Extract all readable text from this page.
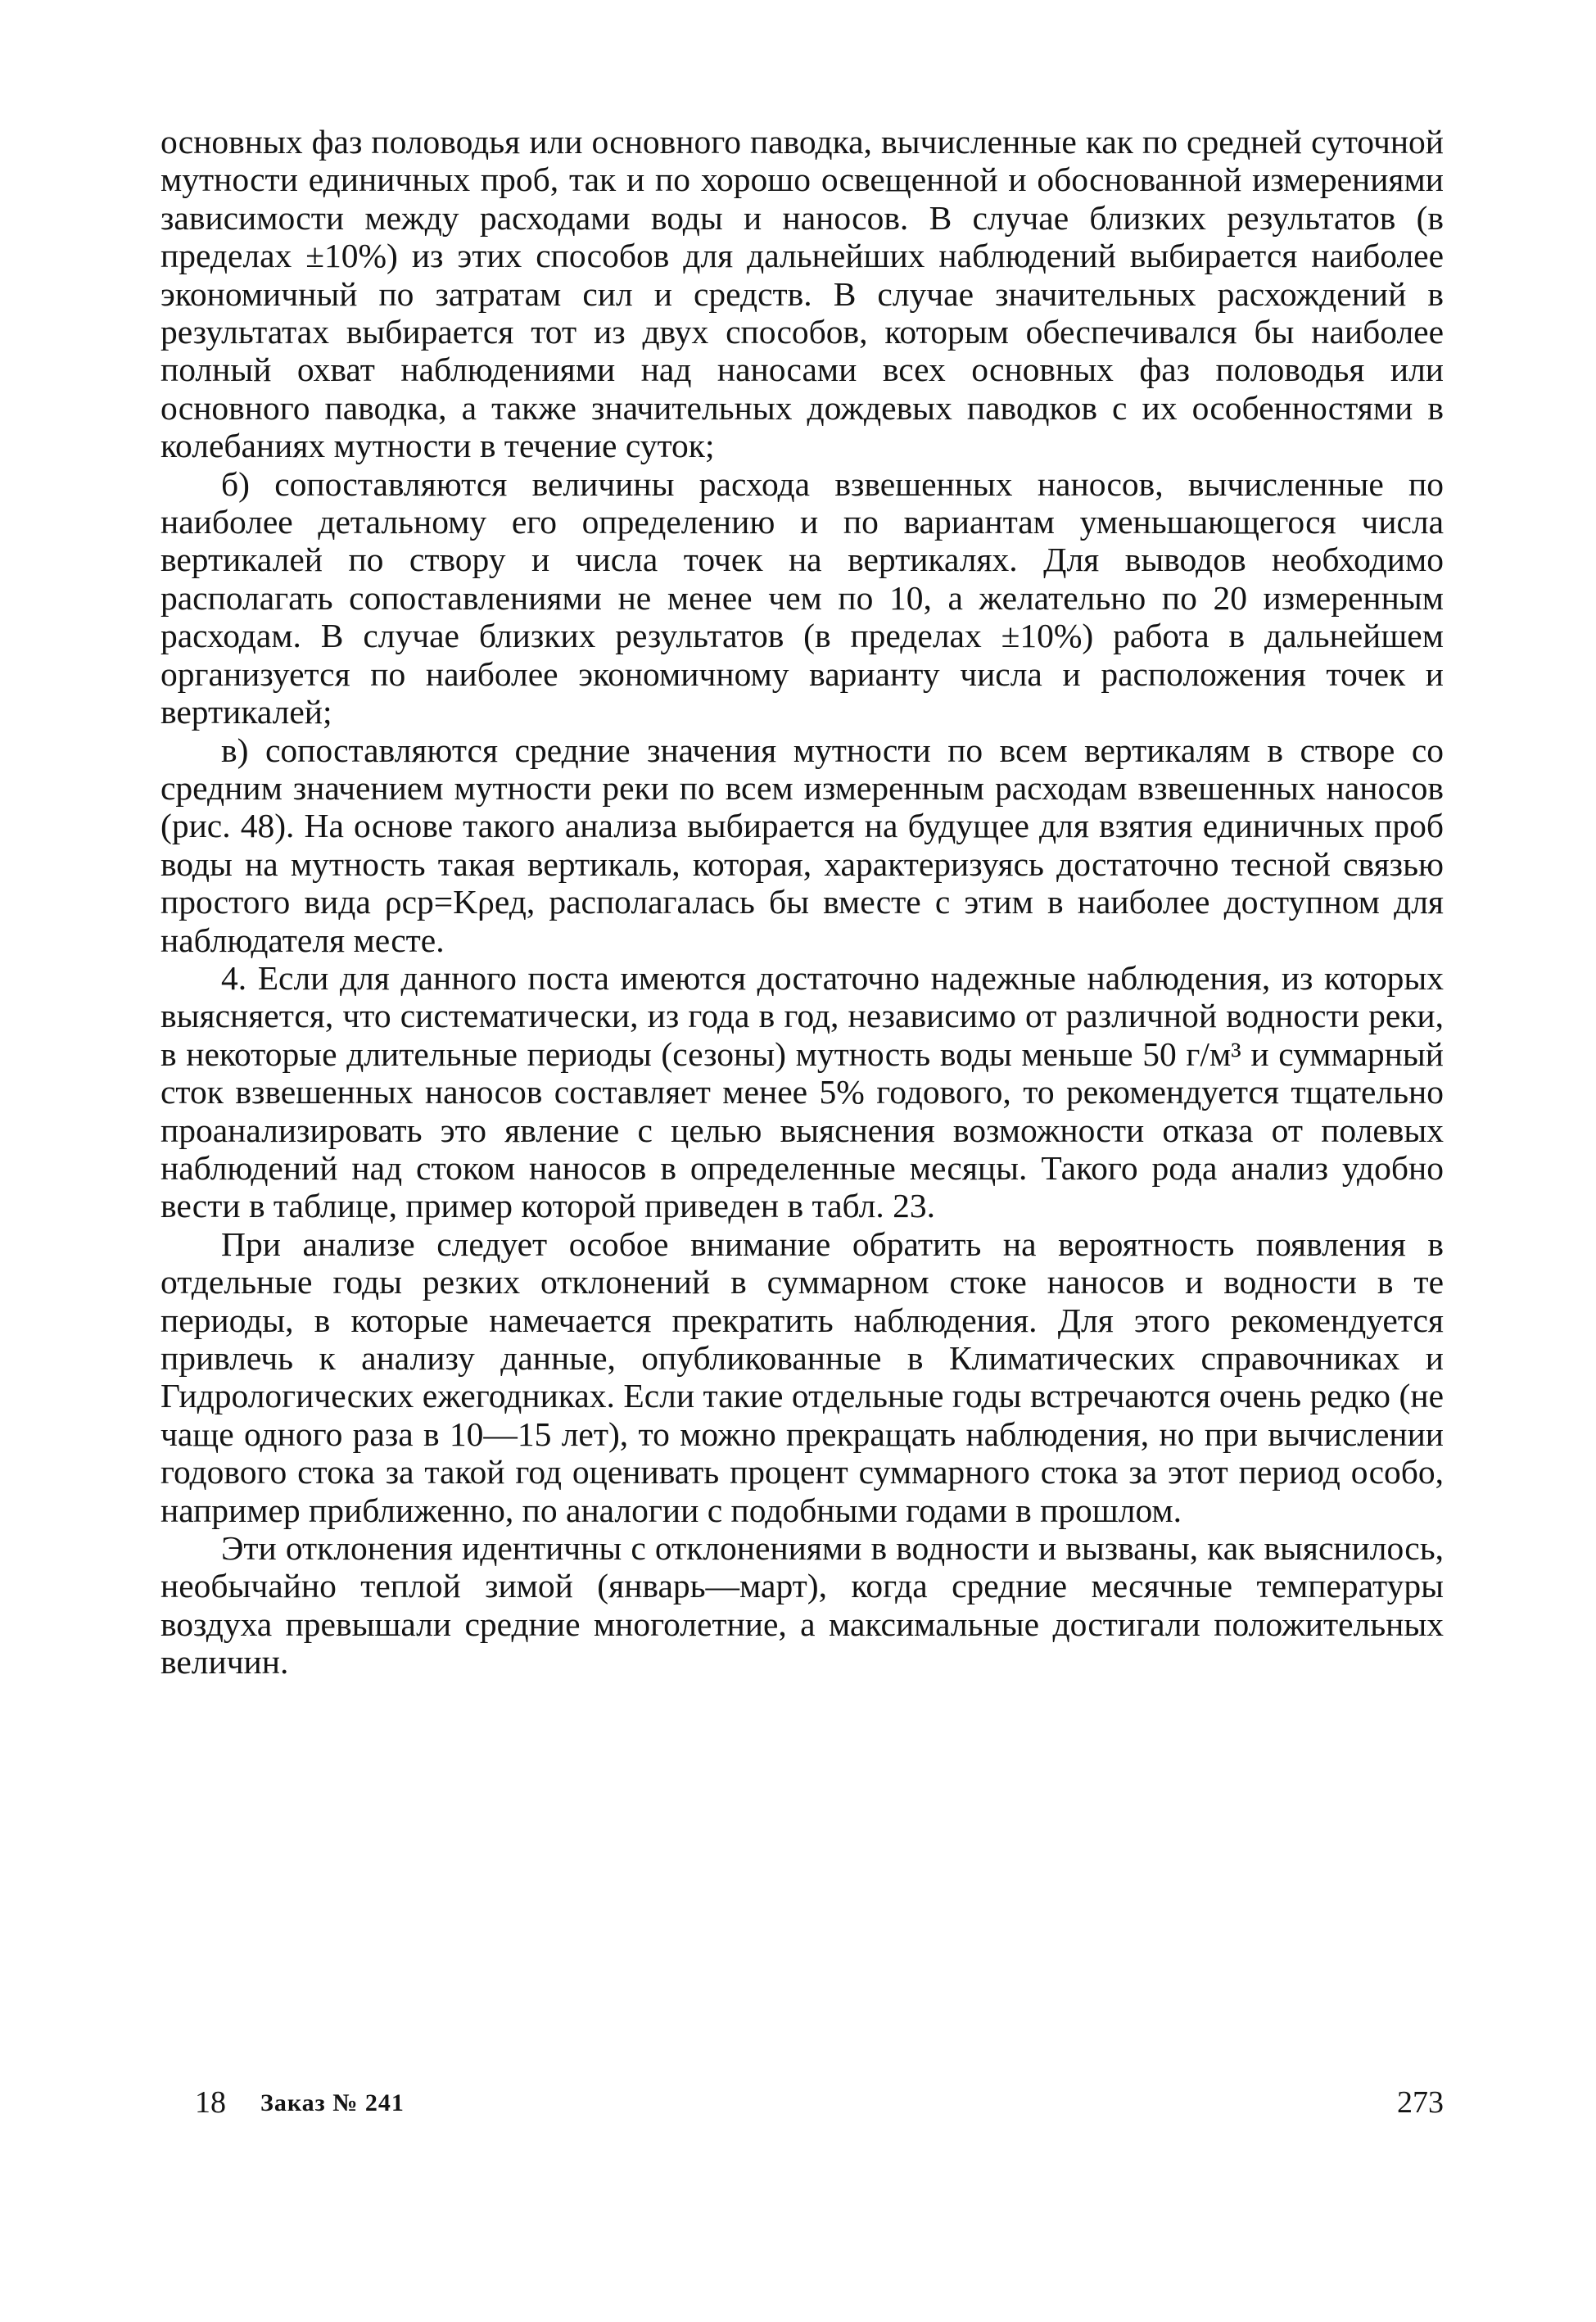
основных фаз половодья или основного паводка, вычисленные как по средней суточной мутности единичных проб, так и по хорошо освещенной и обоснованной измерениями зависимости между расходами воды и наносов. В случае близких результатов (в пределах ±10%) из этих способов для дальнейших наблюдений выбирается наиболее экономичный по затратам сил и средств. В случае значительных расхождений в результатах выбирается тот из двух способов, которым обеспечивался бы наиболее полный охват наблюдениями над наносами всех основных фаз половодья или основного паводка, а также значительных дождевых паводков с их особенностями в колебаниях мутности в течение суток;

б) сопоставляются величины расхода взвешенных наносов, вычисленные по наиболее детальному его определению и по вариантам уменьшающегося числа вертикалей по створу и числа точек на вертикалях. Для выводов необходимо располагать сопоставлениями не менее чем по 10, а желательно по 20 измеренным расходам. В случае близких результатов (в пределах ±10%) работа в дальнейшем организуется по наиболее экономичному варианту числа и расположения точек и вертикалей;

в) сопоставляются средние значения мутности по всем вертикалям в створе со средним значением мутности реки по всем измеренным расходам взвешенных наносов (рис. 48). На основе такого анализа выбирается на будущее для взятия единичных проб воды на мутность такая вертикаль, которая, характеризуясь достаточно тесной связью простого вида ρср=Kρед, располагалась бы вместе с этим в наиболее доступном для наблюдателя месте.

4. Если для данного поста имеются достаточно надежные наблюдения, из которых выясняется, что систематически, из года в год, независимо от различной водности реки, в некоторые длительные периоды (сезоны) мутность воды меньше 50 г/м³ и суммарный сток взвешенных наносов составляет менее 5% годового, то рекомендуется тщательно проанализировать это явление с целью выяснения возможности отказа от полевых наблюдений над стоком наносов в определенные месяцы. Такого рода анализ удобно вести в таблице, пример которой приведен в табл. 23.

При анализе следует особое внимание обратить на вероятность появления в отдельные годы резких отклонений в суммарном стоке наносов и водности в те периоды, в которые намечается прекратить наблюдения. Для этого рекомендуется привлечь к анализу данные, опубликованные в Климатических справочниках и Гидрологических ежегодниках. Если такие отдельные годы встречаются очень редко (не чаще одного раза в 10—15 лет), то можно прекращать наблюдения, но при вычислении годового стока за такой год оценивать процент суммарного стока за этот период особо, например приближенно, по аналогии с подобными годами в прошлом.

Эти отклонения идентичны с отклонениями в водности и вызваны, как выяснилось, необычайно теплой зимой (январь—март), когда средние месячные температуры воздуха превышали средние многолетние, а максимальные достигали положительных величин.

18 Заказ № 241	273
